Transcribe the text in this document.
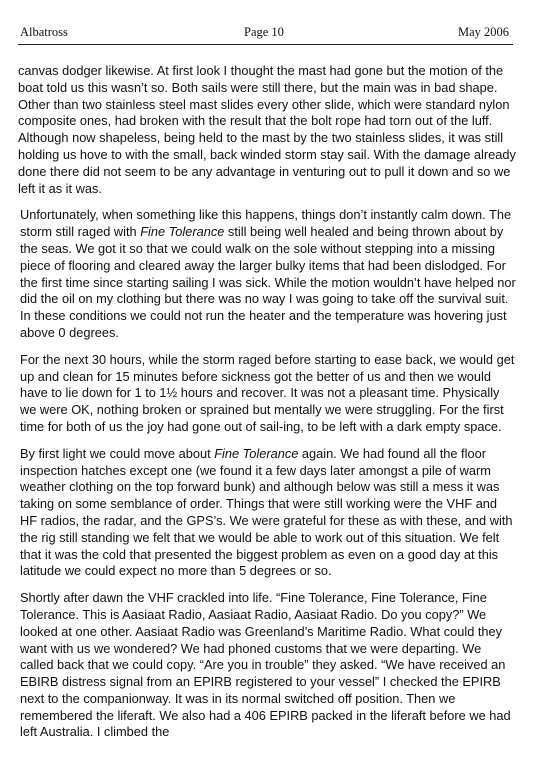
Albatross	Page 10	May 2006

canvas dodger likewise. At first look I thought the mast had gone but the motion of the boat told us this wasn’t so. Both sails were still there, but the main was in bad shape. Other than two stainless steel mast slides every other slide, which were standard nylon composite ones, had broken with the result that the bolt rope had torn out of the luff. Although now shapeless, being held to the mast by the two stainless slides, it was still holding us hove to with the small, back winded storm stay sail. With the damage already done there did not seem to be any advantage in venturing out to pull it down and so we left it as it was.

Unfortunately, when something like this happens, things don’t instantly calm down. The storm still raged with Fine Tolerance still being well healed and being thrown about by the seas. We got it so that we could walk on the sole without stepping into a missing piece of flooring and cleared away the larger bulky items that had been dislodged. For the first time since starting sailing I was sick. While the motion wouldn’t have helped nor did the oil on my clothing but there was no way I was going to take off the survival suit. In these conditions we could not run the heater and the temperature was hovering just above 0 degrees.

For the next 30 hours, while the storm raged before starting to ease back, we would get up and clean for 15 minutes before sickness got the better of us and then we would have to lie down for 1 to 1½ hours and recover. It was not a pleasant time. Physically we were OK, nothing broken or sprained but mentally we were struggling. For the first time for both of us the joy had gone out of sail-ing, to be left with a dark empty space.

By first light we could move about Fine Tolerance again. We had found all the floor inspection hatches except one (we found it a few days later amongst a pile of warm weather clothing on the top forward bunk) and although below was still a mess it was taking on some semblance of order. Things that were still working were the VHF and HF radios, the radar, and the GPS’s. We were grateful for these as with these, and with the rig still standing we felt that we would be able to work out of this situation. We felt that it was the cold that presented the biggest problem as even on a good day at this latitude we could expect no more than 5 degrees or so.

Shortly after dawn the VHF crackled into life. “Fine Tolerance, Fine Tolerance, Fine Tolerance. This is Aasiaat Radio, Aasiaat Radio, Aasiaat Radio. Do you copy?” We looked at one other. Aasiaat Radio was Greenland’s Maritime Radio. What could they want with us we wondered? We had phoned customs that we were departing. We called back that we could copy. “Are you in trouble” they asked. “We have received an EBIRB distress signal from an EPIRB registered to your vessel” I checked the EPIRB next to the companionway. It was in its normal switched off position. Then we remembered the liferaft. We also had a 406 EPIRB packed in the liferaft before we had left Australia. I climbed the
